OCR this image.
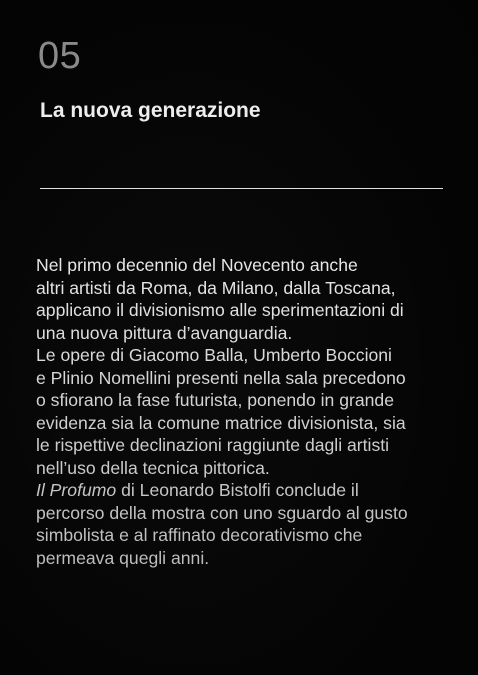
05
La nuova generazione
Nel primo decennio del Novecento anche
altri artisti da Roma, da Milano, dalla Toscana,
applicano il divisionismo alle sperimentazioni di
una nuova pittura d’avanguardia.
Le opere di Giacomo Balla, Umberto Boccioni
e Plinio Nomellini presenti nella sala precedono
o sfiorano la fase futurista, ponendo in grande
evidenza sia la comune matrice divisionista, sia
le rispettive declinazioni raggiunte dagli artisti
nell’uso della tecnica pittorica.
Il Profumo di Leonardo Bistolfi conclude il
percorso della mostra con uno sguardo al gusto
simbolista e al raffinato decorativismo che
permeava quegli anni.
